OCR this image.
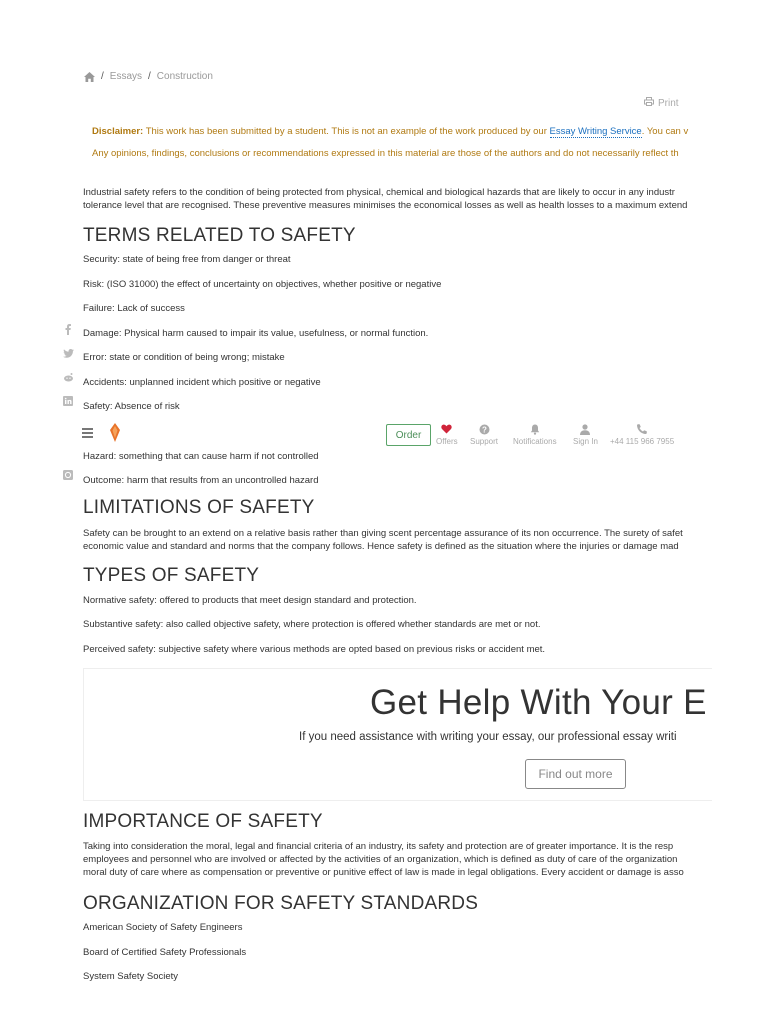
/ Essays / Construction
Print

Disclaimer: This work has been submitted by a student. This is not an example of the work produced by our Essay Writing Service. You can v

Any opinions, findings, conclusions or recommendations expressed in this material are those of the authors and do not necessarily reflect th

Industrial safety refers to the condition of being protected from physical, chemical and biological hazards that are likely to occur in any industr
tolerance level that are recognised. These preventive measures minimises the economical losses as well as health losses to a maximum extend
TERMS RELATED TO SAFETY
Security: state of being free from danger or threat
Risk: (ISO 31000) the effect of uncertainty on objectives, whether positive or negative
Failure: Lack of success
Damage: Physical harm caused to impair its value, usefulness, or normal function.
Error: state or condition of being wrong; mistake
Accidents: unplanned incident which positive or negative
Safety: Absence of risk
Hazard: something that can cause harm if not controlled
Outcome: harm that results from an uncontrolled hazard
Order
Offers
?
Support Notifications Sign In +44 115 966 7955
LIMITATIONS OF SAFETY
Safety can be brought to an extend on a relative basis rather than giving scent percentage assurance of its non occurrence. The surety of safet
economic value and standard and norms that the company follows. Hence safety is defined as the situation where the injuries or damage mad
TYPES OF SAFETY
Normative safety: offered to products that meet design standard and protection.
Substantive safety: also called objective safety, where protection is offered whether standards are met or not.
Perceived safety: subjective safety where various methods are opted based on previous risks or accident met.
Get Help With Your E
If you need assistance with writing your essay, our professional essay writi
Find out more
IMPORTANCE OF SAFETY
Taking into consideration the moral, legal and financial criteria of an industry, its safety and protection are of greater importance. It is the resp
employees and personnel who are involved or affected by the activities of an organization, which is defined as duty of care of the organization
moral duty of care where as compensation or preventive or punitive effect of law is made in legal obligations. Every accident or damage is asso
ORGANIZATION FOR SAFETY STANDARDS
American Society of Safety Engineers
Board of Certified Safety Professionals
System Safety Society
